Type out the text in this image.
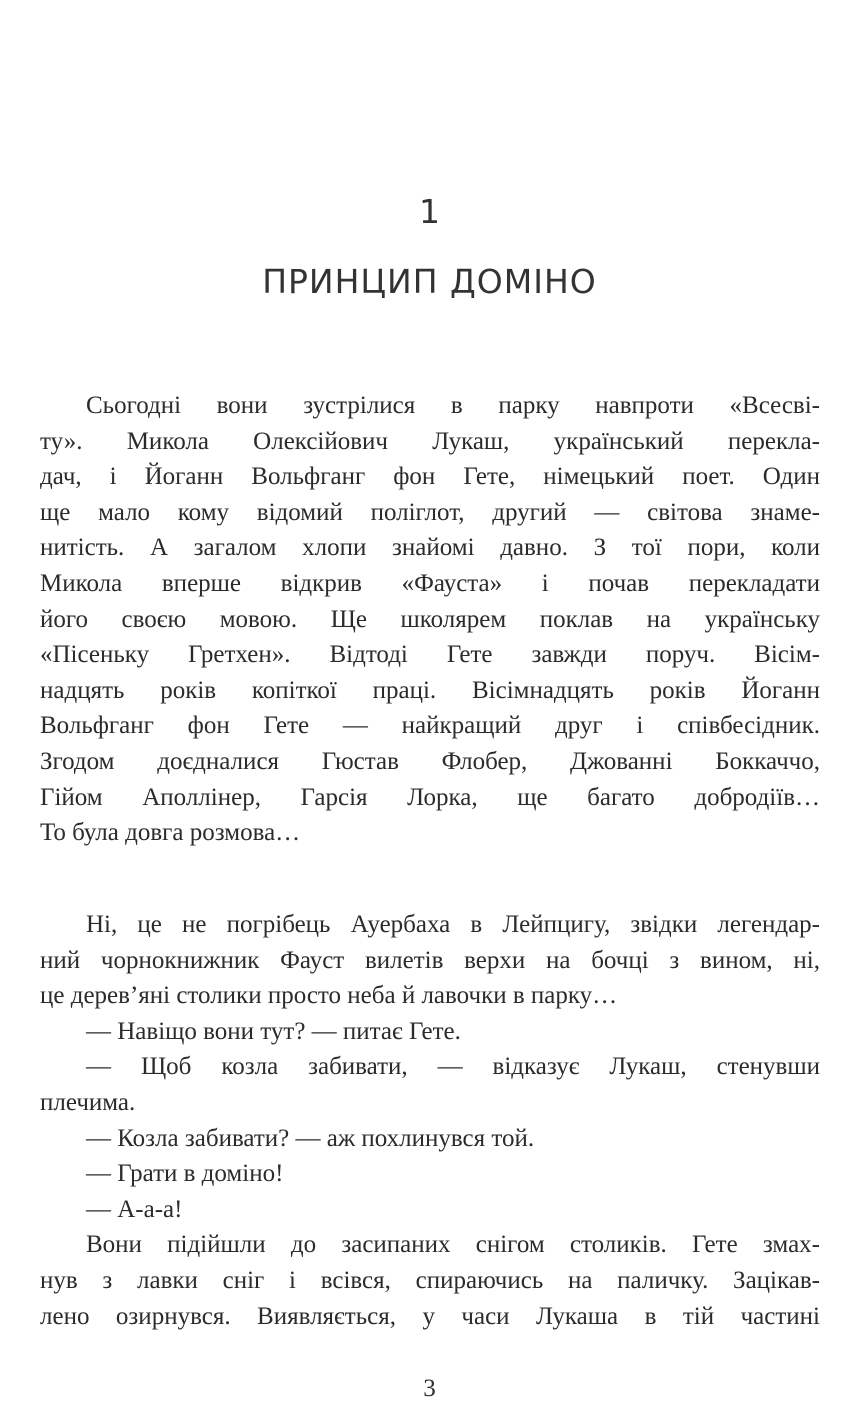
1
ПРИНЦИП ДОМІНО
Сьогодні вони зустрілися в парку навпроти «Всесві-
ту». Микола Олексійович Лукаш, український перекла-
дач, і Йоганн Вольфганг фон Гете, німецький поет. Один
ще мало кому відомий поліглот, другий — світова знаме-
нитість. А загалом хлопи знайомі давно. З тої пори, коли
Микола вперше відкрив «Фауста» і почав перекладати
його своєю мовою. Ще школярем поклав на українську
«Пісеньку Гретхен». Відтоді Гете завжди поруч. Вісім-
надцять років копіткої праці. Вісімнадцять років Йоганн
Вольфганг фон Гете — найкращий друг і співбесідник.
Згодом доєдналися Гюстав Флобер, Джованні Боккаччо,
Гійом Аполлінер, Гарсія Лорка, ще багато добродіїв…
То була довга розмова…
Ні, це не погрібець Ауербаха в Лейпцигу, звідки легендар-
ний чорнокнижник Фауст вилетів верхи на бочці з вином, ні,
це дерев’яні столики просто неба й лавочки в парку…
— Навіщо вони тут? — питає Гете.
— Щоб козла забивати, — відказує Лукаш, стенувши
плечима.
— Козла забивати? — аж похлинувся той.
— Грати в доміно!
— А-а-а!
Вони підійшли до засипаних снігом столиків. Гете змах-
нув з лавки сніг і всівся, спираючись на паличку. Зацікав-
лено озирнувся. Виявляється, у часи Лукаша в тій частині
3
